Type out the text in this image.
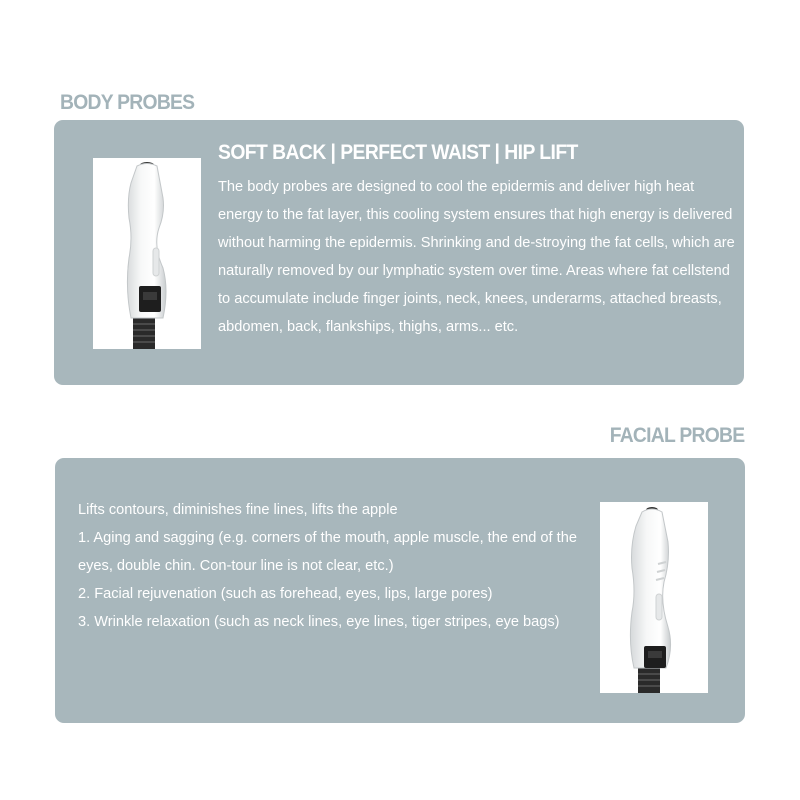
BODY PROBES
SOFT BACK | PERFECT WAIST | HIP LIFT

The body probes are designed to cool the epidermis and deliver high heat energy to the fat layer, this cooling system ensures that high energy is delivered without harming the epidermis. Shrinking and de-stroying the fat cells, which are naturally removed by our lymphatic system over time. Areas where fat cellstend to accumulate include finger joints, neck, knees, underarms, attached breasts, abdomen, back, flankships, thighs, arms... etc.

FACIAL PROBE
Lifts contours, diminishes fine lines, lifts the apple
1. Aging and sagging (e.g. corners of the mouth, apple muscle, the end of the eyes, double chin. Con-tour line is not clear, etc.)
2. Facial rejuvenation (such as forehead, eyes, lips, large pores)
3. Wrinkle relaxation (such as neck lines, eye lines, tiger stripes, eye bags)
